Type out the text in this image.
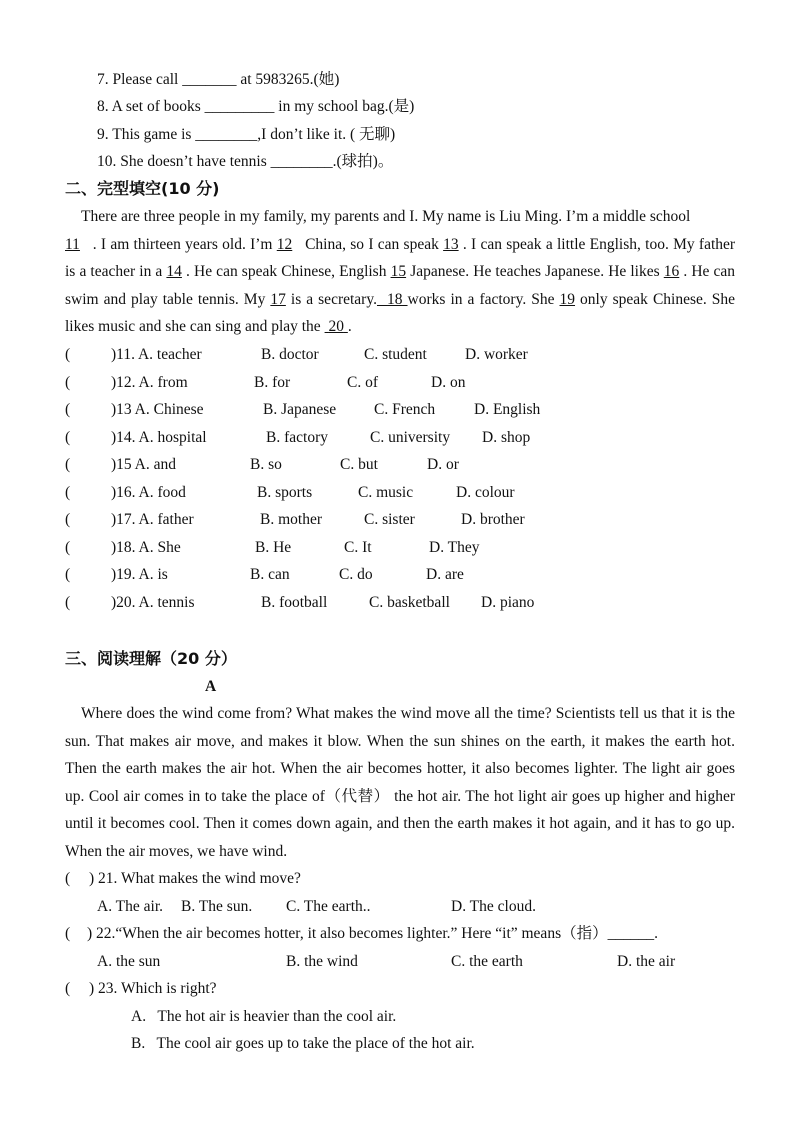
7. Please call _______ at 5983265.(她)
8. A set of books _________ in my school bag.(是)
9. This game is ________,I don’t like it. ( 无聊)
10. She doesn’t have tennis ________.(球拍)。
二、完型填空(10 分)
There are three people in my family, my parents and I. My name is Liu Ming. I’m a middle school
11 . I am thirteen years old. I’m 12 China, so I can speak 13 . I can speak a little English, too. My father is a teacher in a 14 . He can speak Chinese, English 15 Japanese. He teaches Japanese. He likes 16 . He can swim and play table tennis. My 17 is a secretary. 18 works in a factory. She 19 only speak Chinese. She likes music and she can sing and play the 20 .
(	)11. A. teacher	B. doctor	C. student D. worker
(	)12. A. from	B. for	C. of	D. on
(	)13 A. Chinese	B. Japanese C. French	D. English
(	)14. A. hospital	B. factory	C. university D. shop
(	)15 A. and	B. so	C. but	D. or
(	)16. A. food	B. sports	C. music	D. colour
(	)17. A. father	B. mother	C. sister	D. brother
(	)18. A. She	B. He	C. It	D. They
(	)19. A. is	B. can	C. do	D. are
(	)20. A. tennis	B. football	C. basketball D. piano
三、阅读理解（20 分）
A
Where does the wind come from? What makes the wind move all the time? Scientists tell us that it is the sun. That makes air move, and makes it blow. When the sun shines on the earth, it makes the earth hot. Then the earth makes the air hot. When the air becomes hotter, it also becomes lighter. The light air goes up. Cool air comes in to take the place of（代替） the hot air. The hot light air goes up higher and higher until it becomes cool. Then it comes down again, and then the earth makes it hot again, and it has to go up. When the air moves, we have wind.
( ) 21. What makes the wind move?
A. The air. B. The sun. C. The earth..	D. The cloud.
( ) 22.“When the air becomes hotter, it also becomes lighter.” Here “it” means（指）______.
A. the sun	B. the wind	C. the earth	D. the air
( ) 23. Which is right?
A.   The hot air is heavier than the cool air.
B.   The cool air goes up to take the place of the hot air.
